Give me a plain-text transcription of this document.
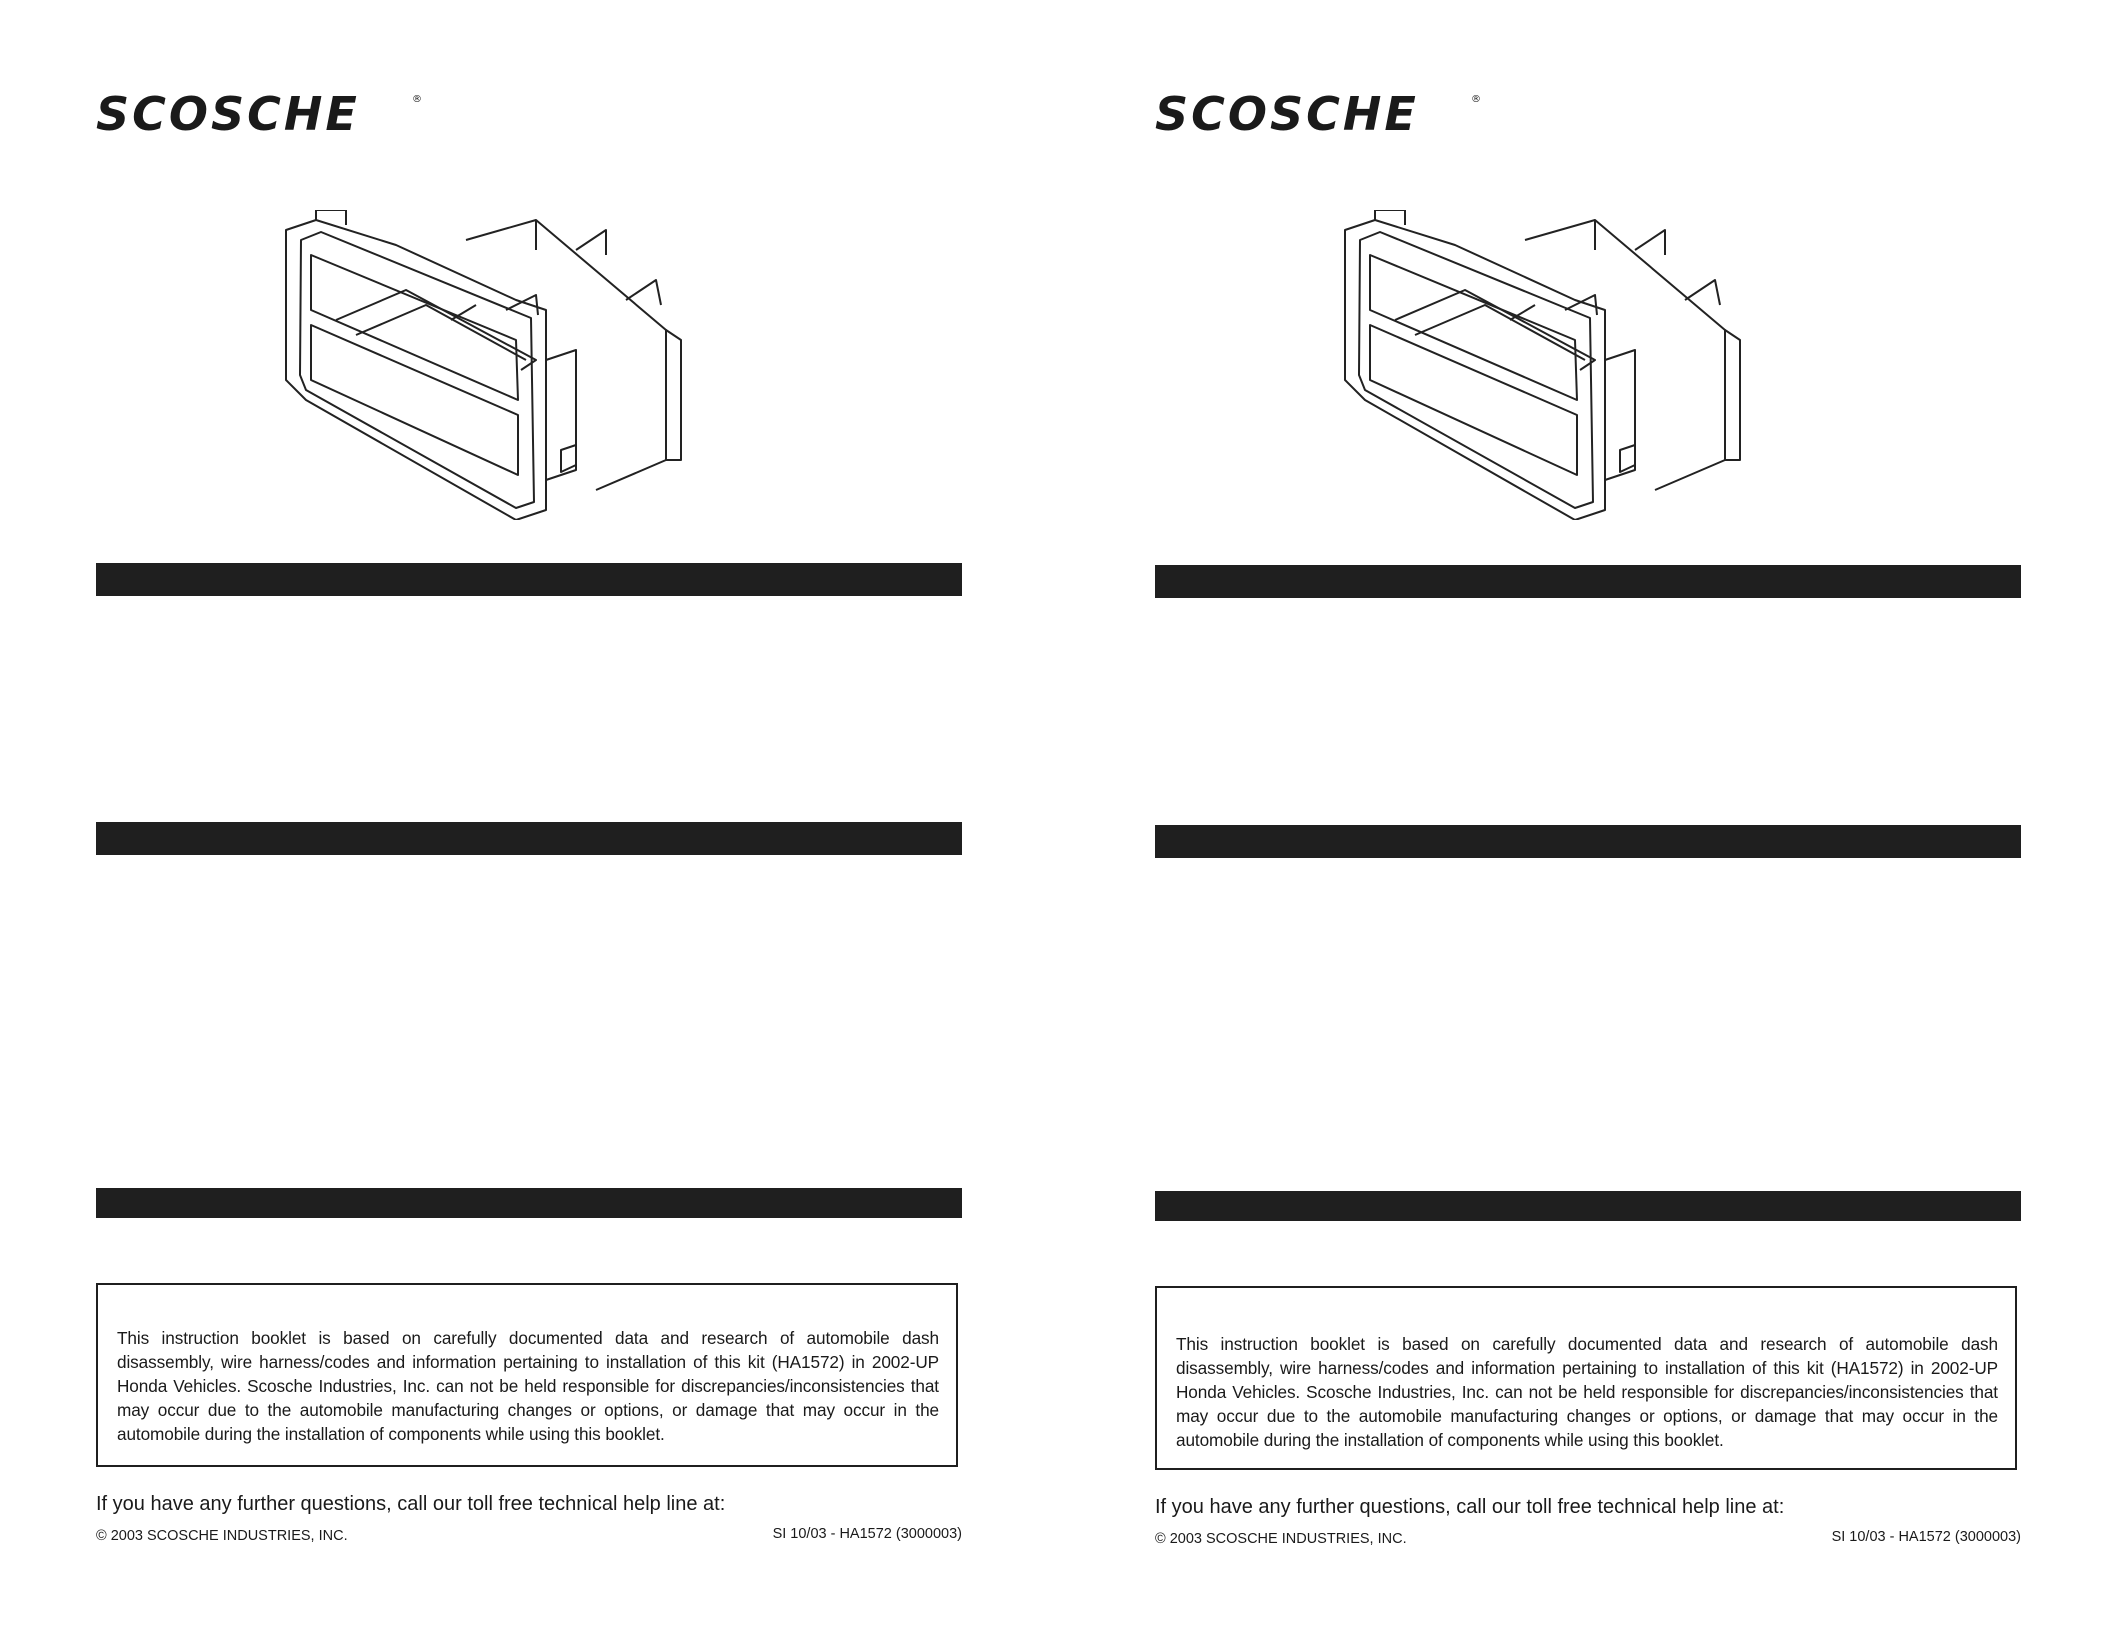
SCOSCHE	®

This instruction booklet is based on carefully documented data and research of automobile dash disassembly, wire harness/codes and information pertaining to installation of this kit (HA1572) in 2002-UP Honda Vehicles. Scosche Industries, Inc. can not be held responsible for discrepancies/inconsistencies that may occur due to the automobile manufacturing changes or options, or damage that may occur in the automobile during the installation of components while using this booklet.

If you have any further questions, call our toll free technical help line at:
© 2003 SCOSCHE INDUSTRIES, INC.	SI 10/03 - HA1572 (3000003)
SCOSCHE	®

This instruction booklet is based on carefully documented data and research of automobile dash disassembly, wire harness/codes and information pertaining to installation of this kit (HA1572) in 2002-UP Honda Vehicles. Scosche Industries, Inc. can not be held responsible for discrepancies/inconsistencies that may occur due to the automobile manufacturing changes or options, or damage that may occur in the automobile during the installation of components while using this booklet.

If you have any further questions, call our toll free technical help line at:
© 2003 SCOSCHE INDUSTRIES, INC.	SI 10/03 - HA1572 (3000003)
